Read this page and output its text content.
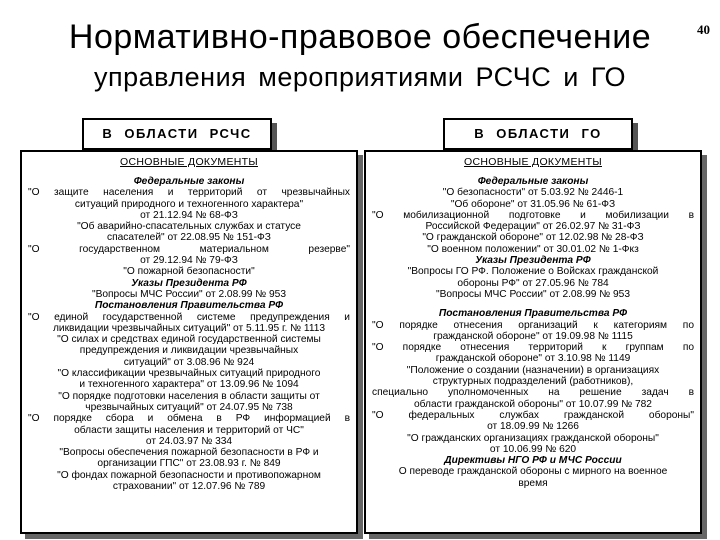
Нормативно-правовое обеспечение
управления мероприятиями РСЧС и ГО
40
В ОБЛАСТИ РСЧС	В ОБЛАСТИ ГО
ОСНОВНЫЕ ДОКУМЕНТЫ
Федеральные законы
"О защите населения и территорий от чрезвычайных
ситуаций природного и техногенного характера"
от 21.12.94 № 68-ФЗ
"Об аварийно-спасательных службах и статусе
спасателей" от 22.08.95 № 151-ФЗ
"О государственном материальном резерве"
от 29.12.94 № 79-ФЗ
"О пожарной безопасности"
Указы Президента РФ
"Вопросы МЧС России" от 2.08.99 № 953
Постановления Правительства РФ
"О единой государственной системе предупреждения и
ликвидации чрезвычайных ситуаций" от 5.11.95 г. № 1113
"О силах и средствах единой государственной системы
предупреждения и ликвидации чрезвычайных
ситуаций" от 3.08.96 № 924
"О классификации чрезвычайных ситуаций природного
и техногенного характера" от 13.09.96 № 1094
"О порядке подготовки населения в области защиты от
чрезвычайных ситуаций" от 24.07.95 № 738
"О порядке сбора и обмена в РФ информацией в
области защиты населения и территорий от ЧС"
от 24.03.97 № 334
"Вопросы обеспечения пожарной безопасности в РФ и
организации ГПС" от 23.08.93 г. № 849
"О фондах пожарной безопасности и противопожарном
страховании" от 12.07.96 № 789
ОСНОВНЫЕ ДОКУМЕНТЫ
Федеральные законы
"О безопасности" от 5.03.92 № 2446-1
"Об обороне" от 31.05.96 № 61-ФЗ
"О мобилизационной подготовке и мобилизации в
Российской Федерации" от 26.02.97 № 31-ФЗ
"О гражданской обороне" от 12.02.98 № 28-ФЗ
"О военном положении" от 30.01.02 № 1-Фкз
Указы Президента РФ
"Вопросы ГО РФ. Положение о Войсках гражданской
обороны РФ" от 27.05.96 № 784
"Вопросы МЧС России" от 2.08.99 № 953
Постановления Правительства РФ
"О порядке отнесения организаций к категориям по
гражданской обороне" от 19.09.98 № 1115
"О порядке отнесения территорий к группам по
гражданской обороне" от 3.10.98 № 1149
"Положение о создании (назначении) в организациях
структурных подразделений (работников),
специально уполномоченных на решение задач в
области гражданской обороны" от 10.07.99 № 782
"О федеральных службах гражданской обороны"
от 18.09.99 № 1266
"О гражданских организациях гражданской обороны"
от 10.06.99 № 620
Директивы НГО РФ и МЧС России
О переводе гражданской обороны с мирного на военное
время
